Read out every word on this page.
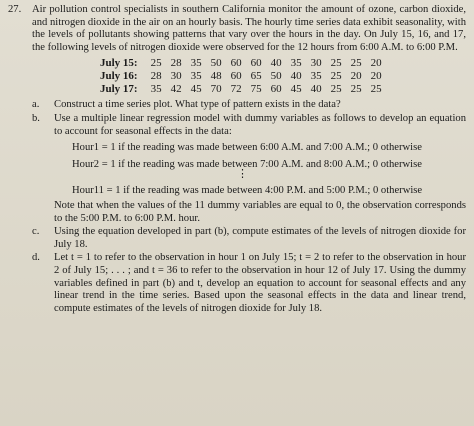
27.	Air pollution control specialists in southern California monitor the amount of ozone, carbon dioxide, and nitrogen dioxide in the air on an hourly basis. The hourly time series data exhibit seasonality, with the levels of pollutants showing patterns that vary over the hours in the day. On July 15, 16, and 17, the following levels of nitrogen dioxide were observed for the 12 hours from 6:00 A.M. to 6:00 P.M.

July 15:	25	28	35	50	60	60	40	35	30	25	25	20
July 16:	28	30	35	48	60	65	50	40	35	25	20	20
July 17:	35	42	45	70	72	75	60	45	40	25	25	25
a.	Construct a time series plot. What type of pattern exists in the data?
b.	Use a multiple linear regression model with dummy variables as follows to develop an equation to account for seasonal effects in the data:
Hour1 = 1 if the reading was made between 6:00 A.M. and 7:00 A.M.; 0 otherwise
Hour2 = 1 if the reading was made between 7:00 A.M. and 8:00 A.M.; 0 otherwise
⋮
Hour11 = 1 if the reading was made between 4:00 P.M. and 5:00 P.M.; 0 otherwise
Note that when the values of the 11 dummy variables are equal to 0, the observation corresponds to the 5:00 P.M. to 6:00 P.M. hour.
c.	Using the equation developed in part (b), compute estimates of the levels of nitrogen dioxide for July 18.
d.	Let t = 1 to refer to the observation in hour 1 on July 15; t = 2 to refer to the observation in hour 2 of July 15; . . . ; and t = 36 to refer to the observation in hour 12 of July 17. Using the dummy variables defined in part (b) and t, develop an equation to account for seasonal effects and any linear trend in the time series. Based upon the seasonal effects in the data and linear trend, compute estimates of the levels of nitrogen dioxide for July 18.
